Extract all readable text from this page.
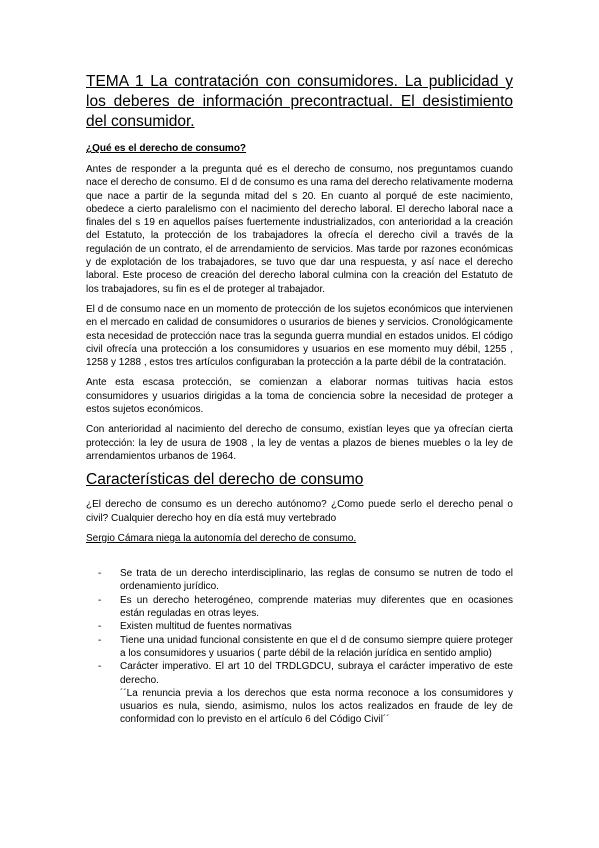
TEMA 1 La contratación con consumidores. La publicidad y los deberes de información precontractual. El desistimiento del consumidor.
¿Qué es el derecho de consumo?

Antes de responder a la pregunta qué es el derecho de consumo, nos preguntamos cuando nace el derecho de consumo. El d de consumo es una rama del derecho relativamente moderna que nace a partir de la segunda mitad del s 20. En cuanto al porqué de este nacimiento, obedece a cierto paralelismo con el nacimiento del derecho laboral. El derecho laboral nace a finales del s 19 en aquellos países fuertemente industrializados, con anterioridad a la creación del Estatuto, la protección de los trabajadores la ofrecía el derecho civil a través de la regulación de un contrato, el de arrendamiento de servicios. Mas tarde por razones económicas y de explotación de los trabajadores, se tuvo que dar una respuesta, y así nace el derecho laboral. Este proceso de creación del derecho laboral culmina con la creación del Estatuto de los trabajadores, su fin es el de proteger al trabajador.

El d de consumo nace en un momento de protección de los sujetos económicos que intervienen en el mercado en calidad de consumidores o usurarios de bienes y servicios. Cronológicamente esta necesidad de protección nace tras la segunda guerra mundial en estados unidos. El código civil ofrecía una protección a los consumidores y usuarios en ese momento muy débil, 1255 , 1258 y 1288 , estos tres artículos configuraban la protección a la parte débil de la contratación.

Ante esta escasa protección, se comienzan a elaborar normas tuitivas hacia estos consumidores y usuarios dirigidas a la toma de conciencia sobre la necesidad de proteger a estos sujetos económicos.

Con anterioridad al nacimiento del derecho de consumo, existían leyes que ya ofrecían cierta protección: la ley de usura de 1908 , la ley de ventas a plazos de bienes muebles o la ley de arrendamientos urbanos de 1964.

Características del derecho de consumo

¿El derecho de consumo es un derecho autónomo? ¿Como puede serlo el derecho penal o civil? Cualquier derecho hoy en día está muy vertebrado

Sergio Cámara niega la autonomía del derecho de consumo.

- Se trata de un derecho interdisciplinario, las reglas de consumo se nutren de todo el ordenamiento jurídico.
- Es un derecho heterogéneo, comprende materias muy diferentes que en ocasiones están reguladas en otras leyes.
- Existen multitud de fuentes normativas
- Tiene una unidad funcional consistente en que el d de consumo siempre quiere proteger a los consumidores y usuarios ( parte débil de la relación jurídica en sentido amplio)
- Carácter imperativo. El art 10 del TRDLGDCU, subraya el carácter imperativo de este derecho.
´´La renuncia previa a los derechos que esta norma reconoce a los consumidores y usuarios es nula, siendo, asimismo, nulos los actos realizados en fraude de ley de conformidad con lo previsto en el artículo 6 del Código Civil´´
